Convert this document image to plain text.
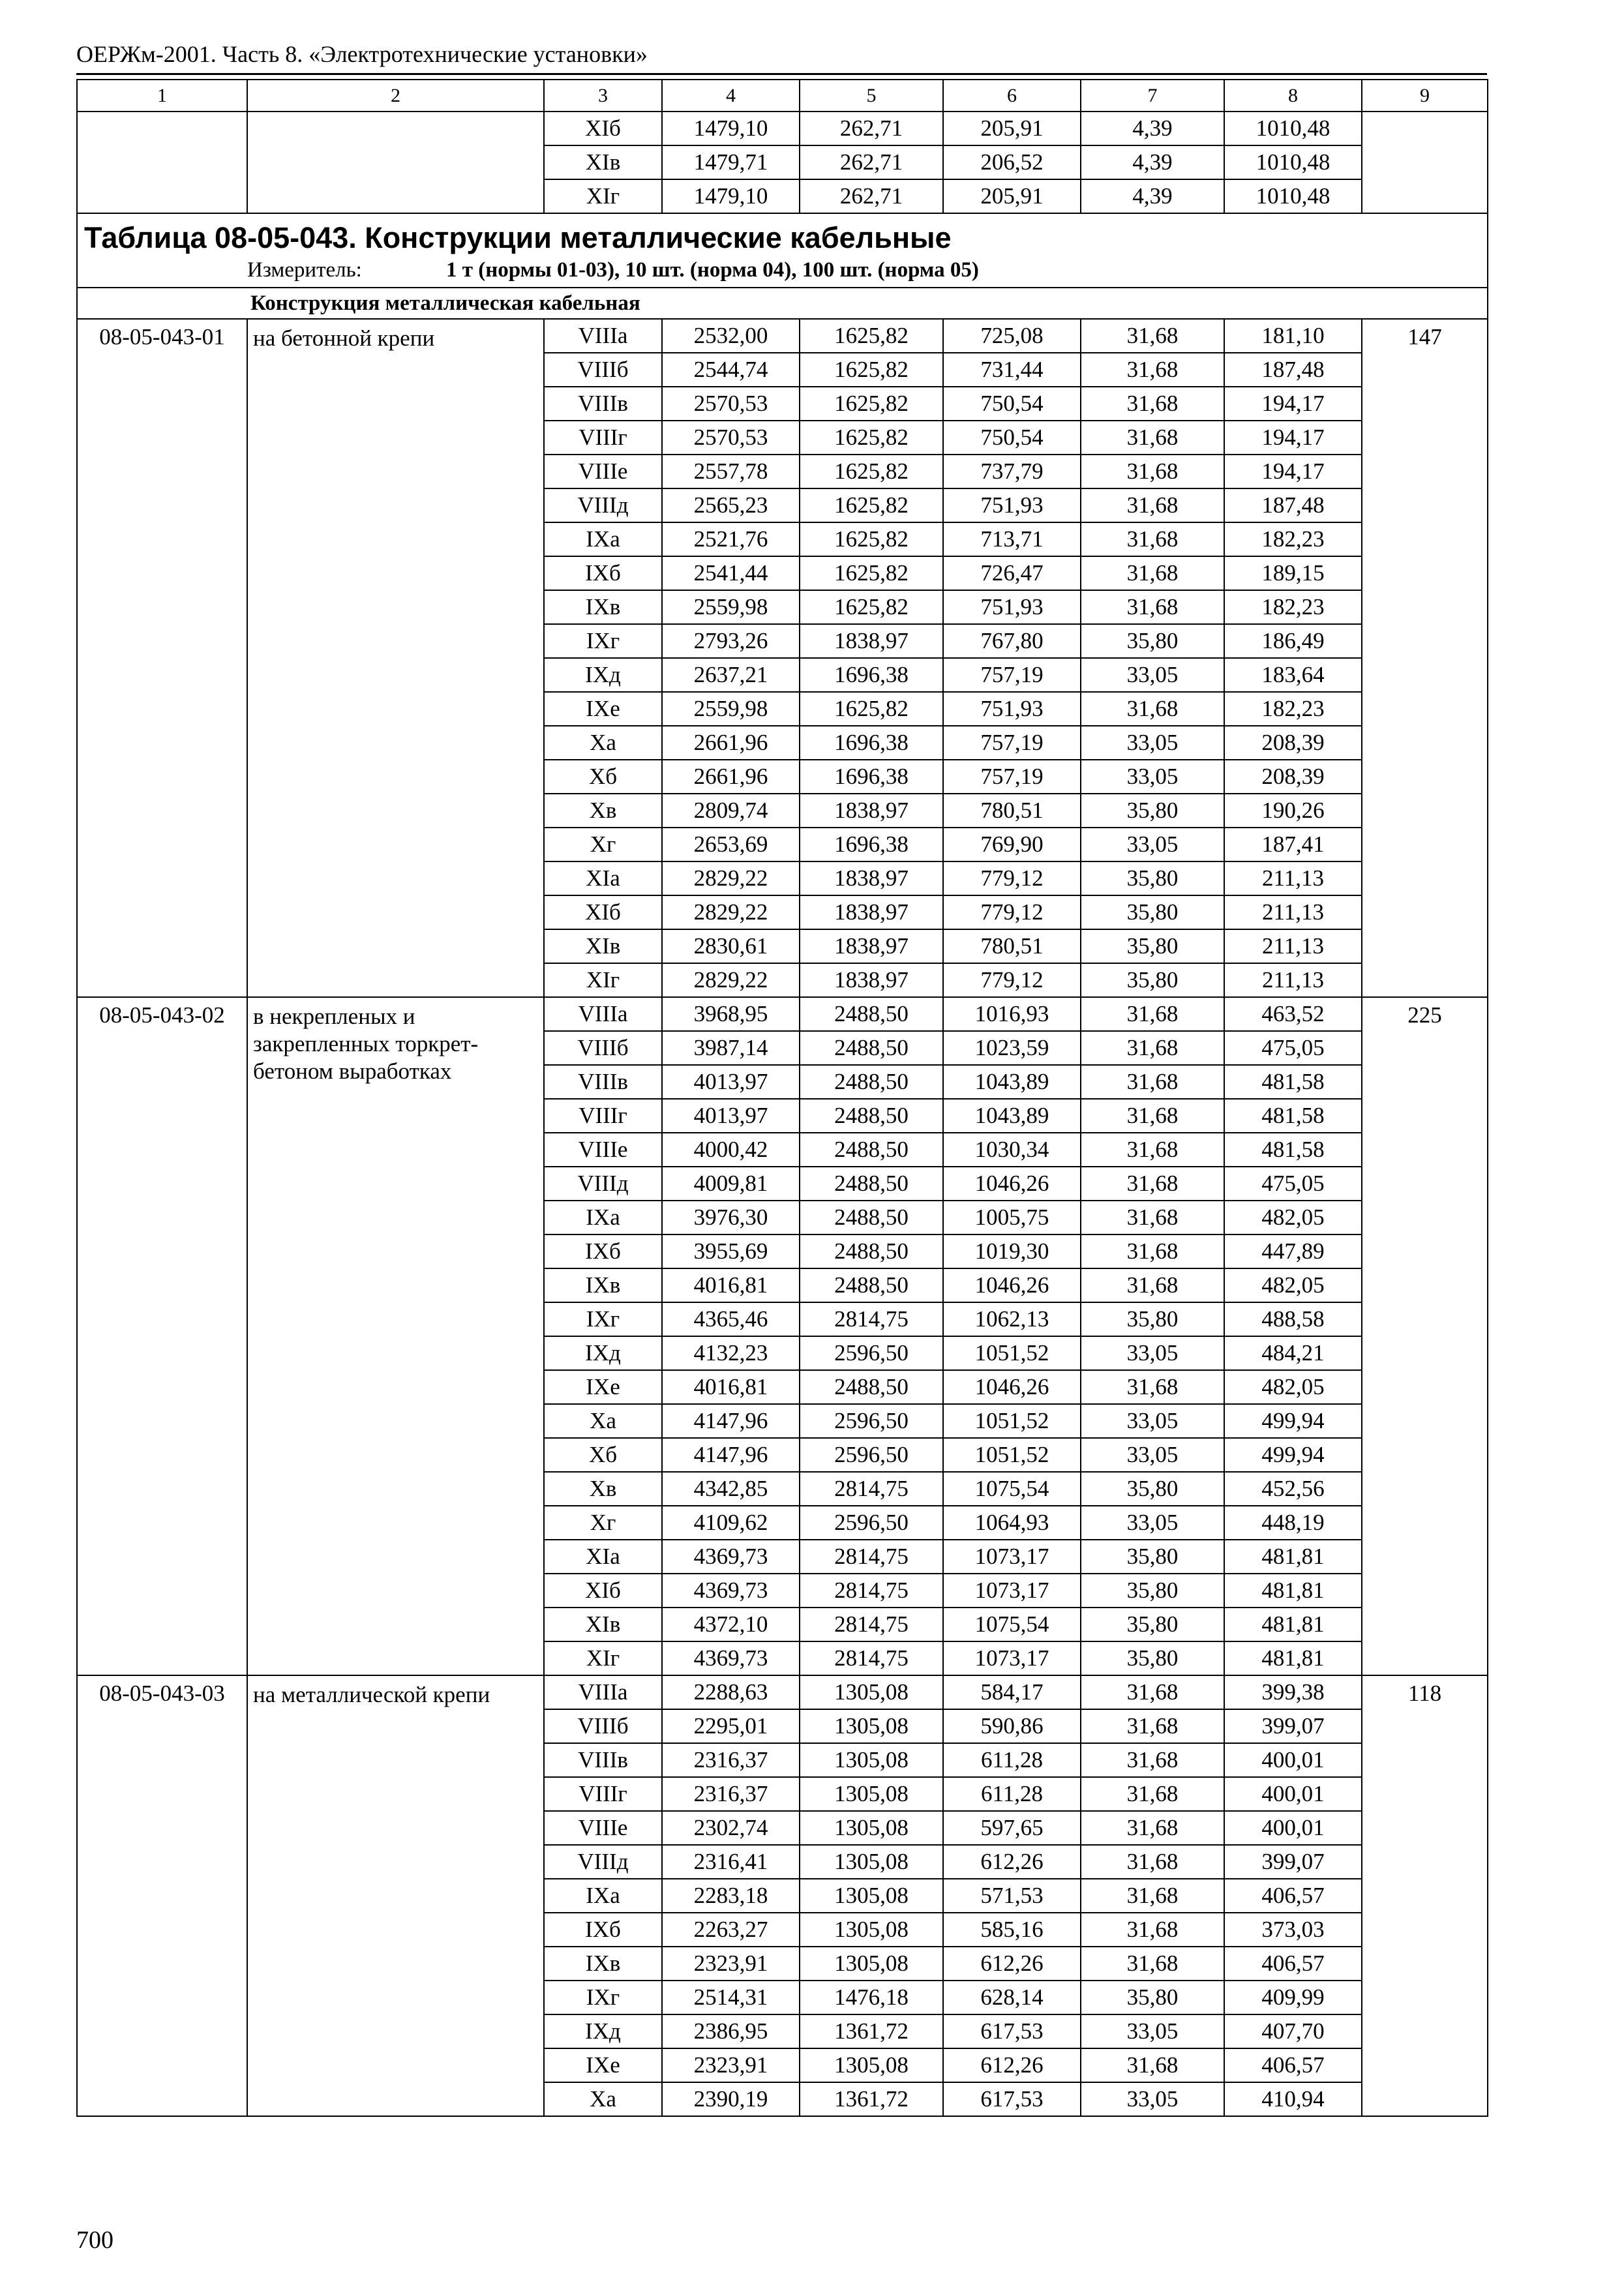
ОЕРЖм-2001. Часть 8. «Электротехнические установки»
1	2	3	4	5	6	7	8	9
		XIб	1479,10	262,71	205,91	4,39	1010,48	
		XIв	1479,71	262,71	206,52	4,39	1010,48	
		XIг	1479,10	262,71	205,91	4,39	1010,48	

Таблица 08-05-043. Конструкции металлические кабельные
Измеритель: 1 т (нормы 01-03), 10 шт. (норма 04), 100 шт. (норма 05)								

Конструкция металлическая кабельная								
08-05-043-01	на бетонной крепи	VIIIа	2532,00	1625,82	725,08	31,68	181,10	147
		VIIIб	2544,74	1625,82	731,44	31,68	187,48	
		VIIIв	2570,53	1625,82	750,54	31,68	194,17	
		VIIIг	2570,53	1625,82	750,54	31,68	194,17	
		VIIIе	2557,78	1625,82	737,79	31,68	194,17	
		VIIIд	2565,23	1625,82	751,93	31,68	187,48	
		IXа	2521,76	1625,82	713,71	31,68	182,23	
		IXб	2541,44	1625,82	726,47	31,68	189,15	
		IXв	2559,98	1625,82	751,93	31,68	182,23	
		IXг	2793,26	1838,97	767,80	35,80	186,49	
		IXд	2637,21	1696,38	757,19	33,05	183,64	
		IXе	2559,98	1625,82	751,93	31,68	182,23	
		Xа	2661,96	1696,38	757,19	33,05	208,39	
		Xб	2661,96	1696,38	757,19	33,05	208,39	
		Xв	2809,74	1838,97	780,51	35,80	190,26	
		Xг	2653,69	1696,38	769,90	33,05	187,41	
		XIа	2829,22	1838,97	779,12	35,80	211,13	
		XIб	2829,22	1838,97	779,12	35,80	211,13	
		XIв	2830,61	1838,97	780,51	35,80	211,13	
		XIг	2829,22	1838,97	779,12	35,80	211,13	
08-05-043-02	в некрепленых и закрепленных торкрет-бетоном выработках	VIIIа	3968,95	2488,50	1016,93	31,68	463,52	225
		VIIIб	3987,14	2488,50	1023,59	31,68	475,05	
		VIIIв	4013,97	2488,50	1043,89	31,68	481,58	
		VIIIг	4013,97	2488,50	1043,89	31,68	481,58	
		VIIIе	4000,42	2488,50	1030,34	31,68	481,58	
		VIIIд	4009,81	2488,50	1046,26	31,68	475,05	
		IXа	3976,30	2488,50	1005,75	31,68	482,05	
		IXб	3955,69	2488,50	1019,30	31,68	447,89	
		IXв	4016,81	2488,50	1046,26	31,68	482,05	
		IXг	4365,46	2814,75	1062,13	35,80	488,58	
		IXд	4132,23	2596,50	1051,52	33,05	484,21	
		IXе	4016,81	2488,50	1046,26	31,68	482,05	
		Xа	4147,96	2596,50	1051,52	33,05	499,94	
		Xб	4147,96	2596,50	1051,52	33,05	499,94	
		Xв	4342,85	2814,75	1075,54	35,80	452,56	
		Xг	4109,62	2596,50	1064,93	33,05	448,19	
		XIа	4369,73	2814,75	1073,17	35,80	481,81	
		XIб	4369,73	2814,75	1073,17	35,80	481,81	
		XIв	4372,10	2814,75	1075,54	35,80	481,81	
		XIг	4369,73	2814,75	1073,17	35,80	481,81	
08-05-043-03	на металлической крепи	VIIIа	2288,63	1305,08	584,17	31,68	399,38	118
		VIIIб	2295,01	1305,08	590,86	31,68	399,07	
		VIIIв	2316,37	1305,08	611,28	31,68	400,01	
		VIIIг	2316,37	1305,08	611,28	31,68	400,01	
		VIIIе	2302,74	1305,08	597,65	31,68	400,01	
		VIIIд	2316,41	1305,08	612,26	31,68	399,07	
		IXа	2283,18	1305,08	571,53	31,68	406,57	
		IXб	2263,27	1305,08	585,16	31,68	373,03	
		IXв	2323,91	1305,08	612,26	31,68	406,57	
		IXг	2514,31	1476,18	628,14	35,80	409,99	
		IXд	2386,95	1361,72	617,53	33,05	407,70	
		IXе	2323,91	1305,08	612,26	31,68	406,57	
		Xа	2390,19	1361,72	617,53	33,05	410,94	
700
